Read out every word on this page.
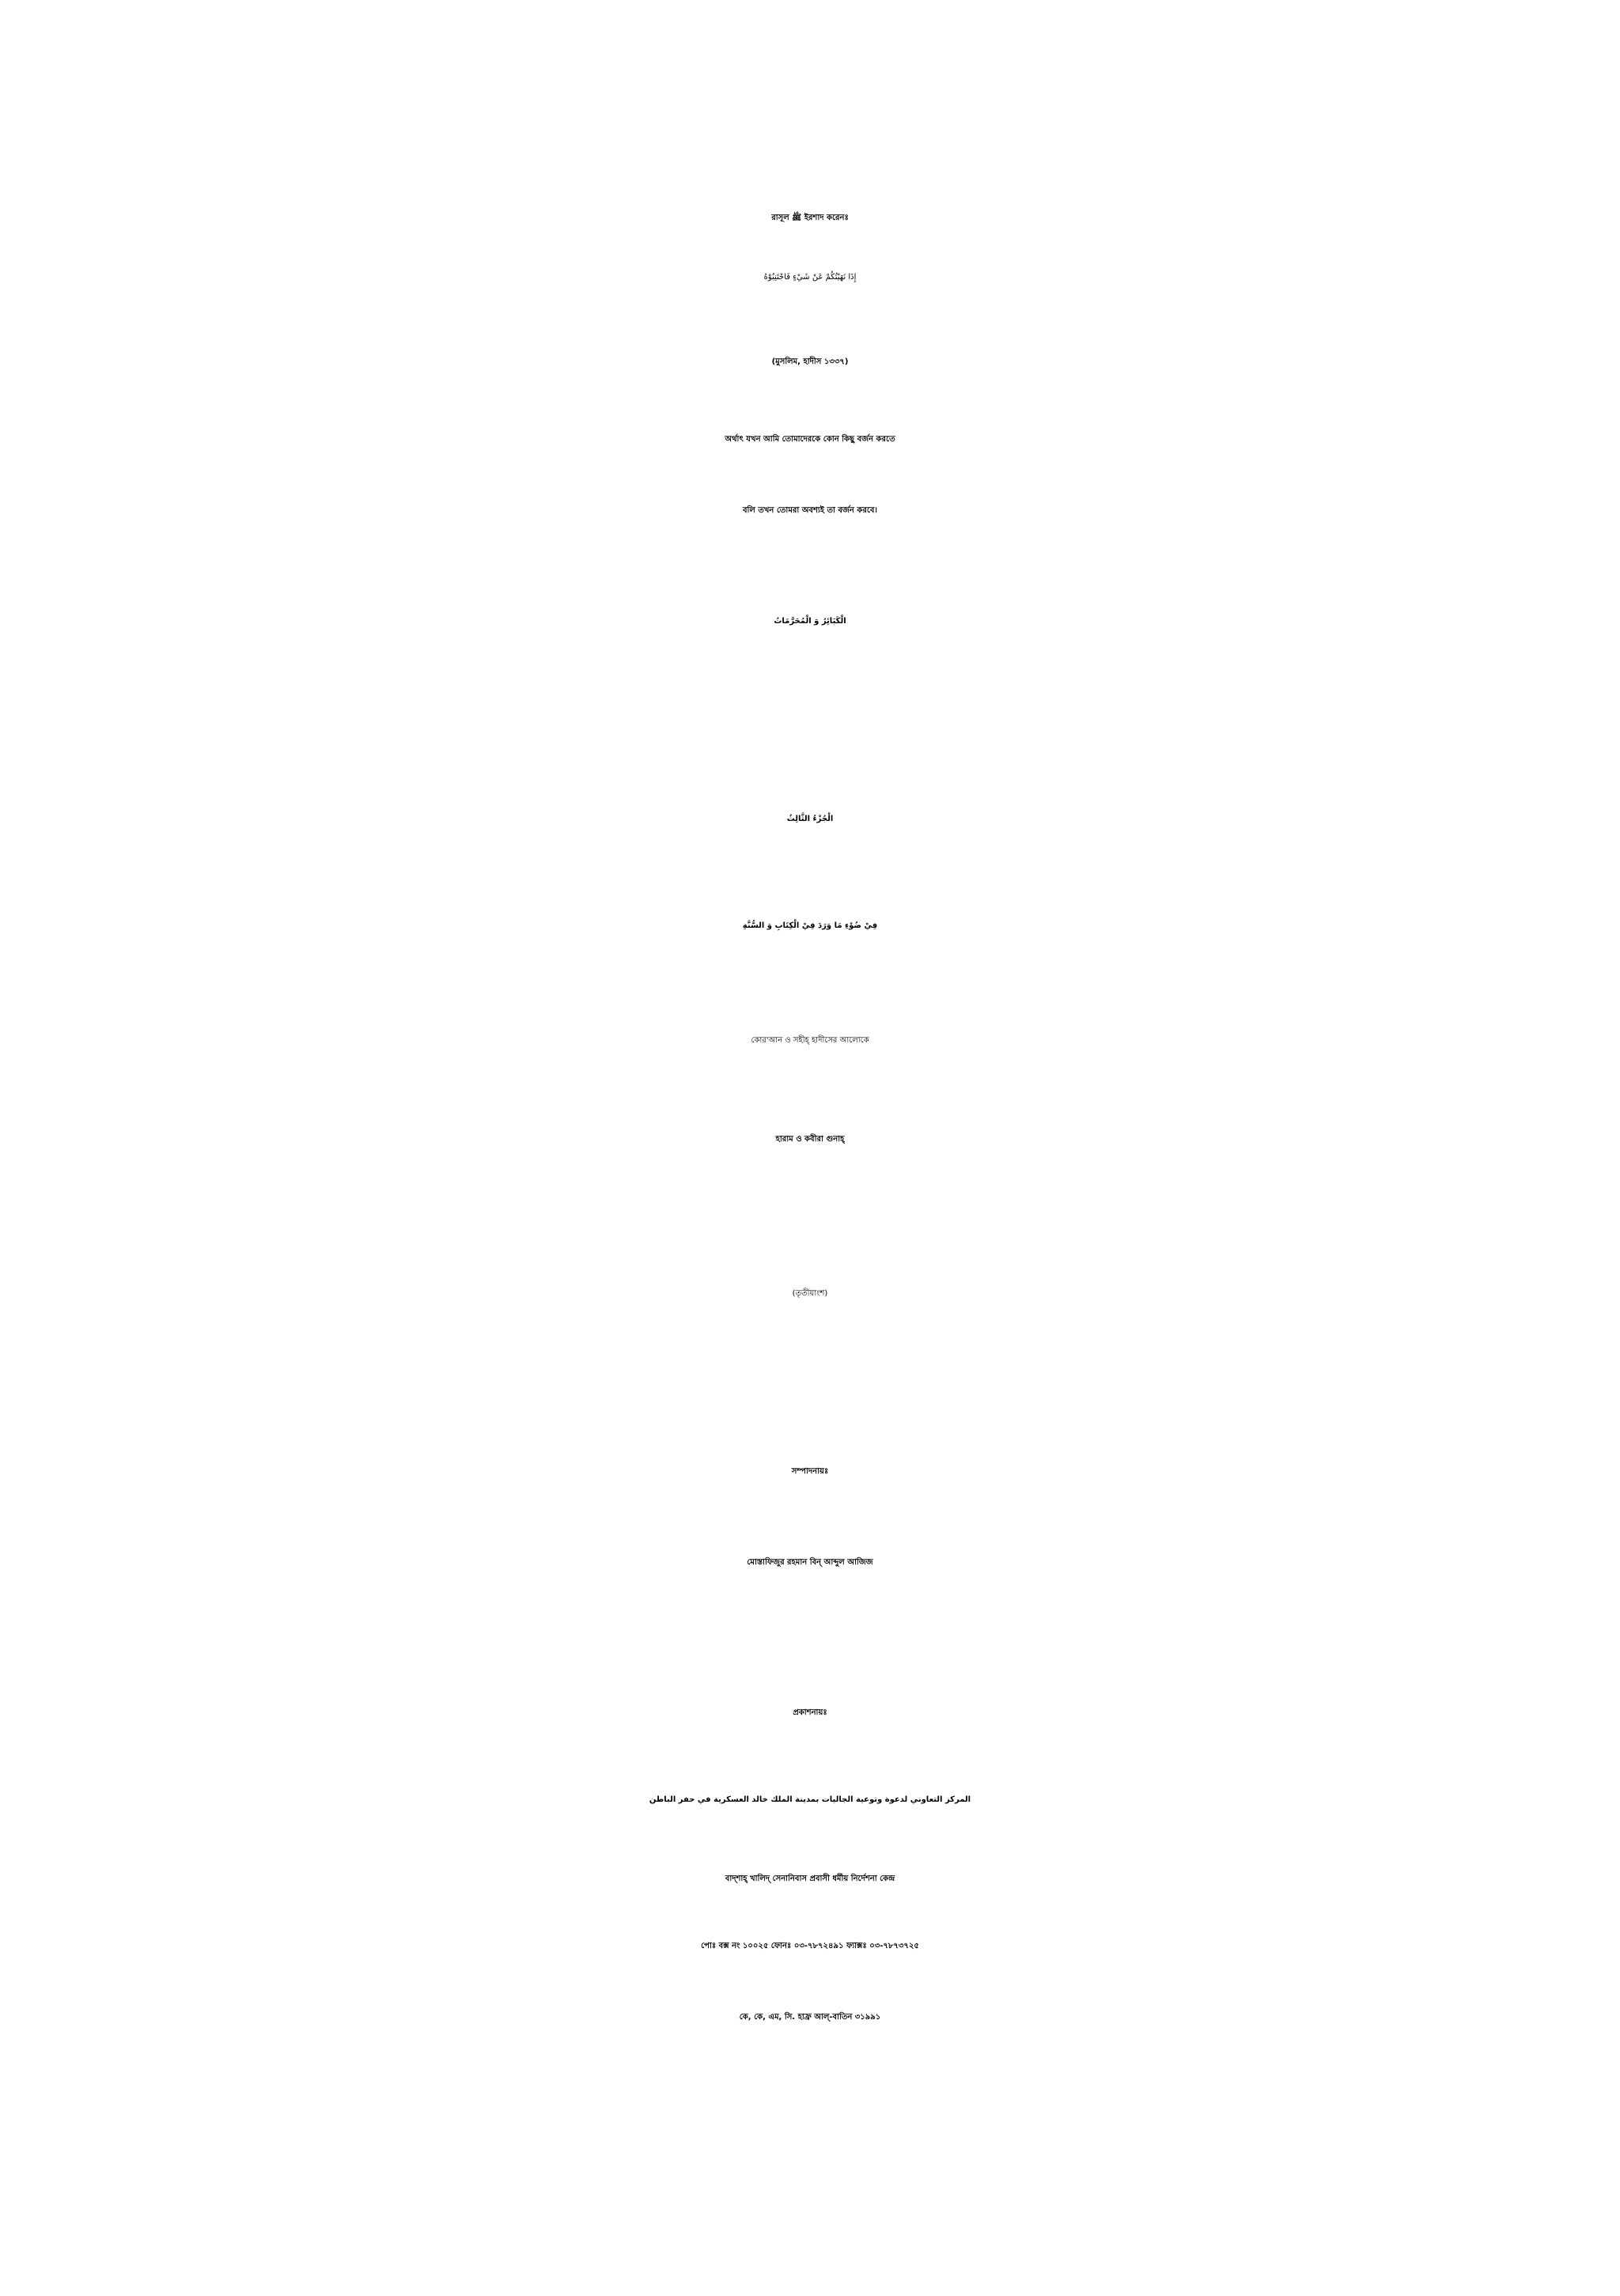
রাসূল ﷺ ইরশাদ করেনঃ
إِذَا نَهَيْتُكُمْ عَنْ شَيْءٍ فَاجْتَنِبُوْهُ
(মুসলিম, হাদীস ১৩৩৭)
অর্থাৎ যখন আমি তোমাদেরকে কোন কিছু বর্জন করতে
বলি তখন তোমরা অবশ্যই তা বর্জন করবে।
الْكَبَائِرُ وَ الْمُحَرَّمَاتُ
الْجُزْءُ الثَّالِثُ
فِيْ ضُوْءِ مَا وَرَدَ فِيْ الْكِتَابِ وَ السُّنَّةِ
কোর'আন ও সহীহ্ হাদীসের আলোকে
হারাম ও কবীরা গুনাহ্
(তৃতীয়াংশ)
সম্পাদনায়ঃ
মোস্তাফিজুর রহমান বিন্ আব্দুল আজিজ
প্রকাশনায়ঃ
المركز التعاوني لدعوة وتوعية الجاليات بمدينة الملك خالد العسكرية في حفر الباطن
বাদ্শাহ্ খালিদ্ সেনানিবাস প্রবাসী ধর্মীয় নির্দেশনা কেন্দ্র
পোঃ বক্স নং ১০০২৫ ফোনঃ ০৩-৭৮৭২৪৯১ ফ্যাক্সঃ ০৩-৭৮৭৩৭২৫
কে, কে, এম, সি. হাফ্র আল্-বাতিন ৩১৯৯১
